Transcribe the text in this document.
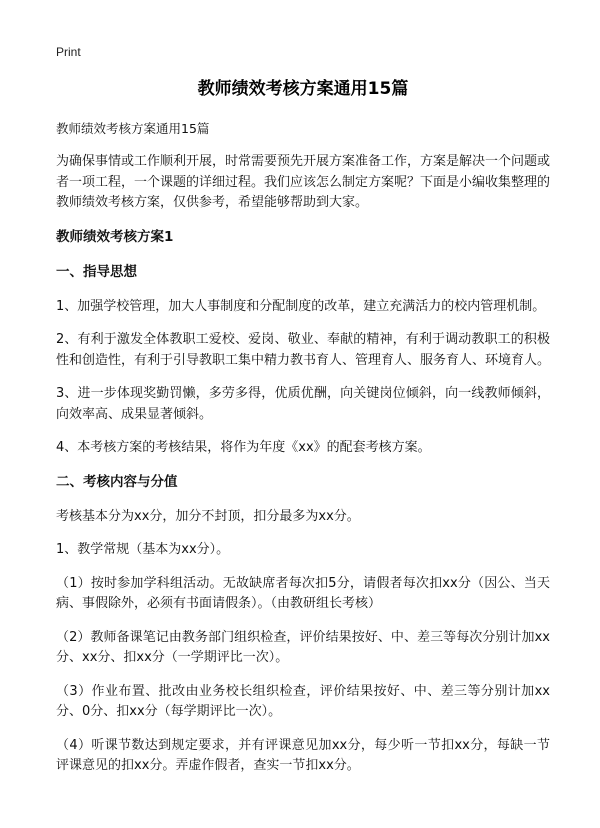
Print
教师绩效考核方案通用15篇
教师绩效考核方案通用15篇

为确保事情或工作顺利开展，时常需要预先开展方案准备工作，方案是解决一个问题或者一项工程，一个课题的详细过程。我们应该怎么制定方案呢？下面是小编收集整理的教师绩效考核方案，仅供参考，希望能够帮助到大家。

教师绩效考核方案1
一、指导思想

1、加强学校管理，加大人事制度和分配制度的改革，建立充满活力的校内管理机制。

2、有利于激发全体教职工爱校、爱岗、敬业、奉献的精神，有利于调动教职工的积极性和创造性，有利于引导教职工集中精力教书育人、管理育人、服务育人、环境育人。

3、进一步体现奖勤罚懒，多劳多得，优质优酬，向关键岗位倾斜，向一线教师倾斜，向效率高、成果显著倾斜。

4、本考核方案的考核结果，将作为年度《xx》的配套考核方案。

二、考核内容与分值

考核基本分为xx分，加分不封顶，扣分最多为xx分。

1、教学常规（基本为xx分）。

（1）按时参加学科组活动。无故缺席者每次扣5分，请假者每次扣xx分（因公、当天病、事假除外，必须有书面请假条）。（由教研组长考核）

（2）教师备课笔记由教务部门组织检查，评价结果按好、中、差三等每次分别计加xx分、xx分、扣xx分（一学期评比一次）。

（3）作业布置、批改由业务校长组织检查，评价结果按好、中、差三等分别计加xx分、0分、扣xx分（每学期评比一次）。

（4）听课节数达到规定要求，并有评课意见加xx分，每少听一节扣xx分，每缺一节评课意见的扣xx分。弄虚作假者，查实一节扣xx分。
